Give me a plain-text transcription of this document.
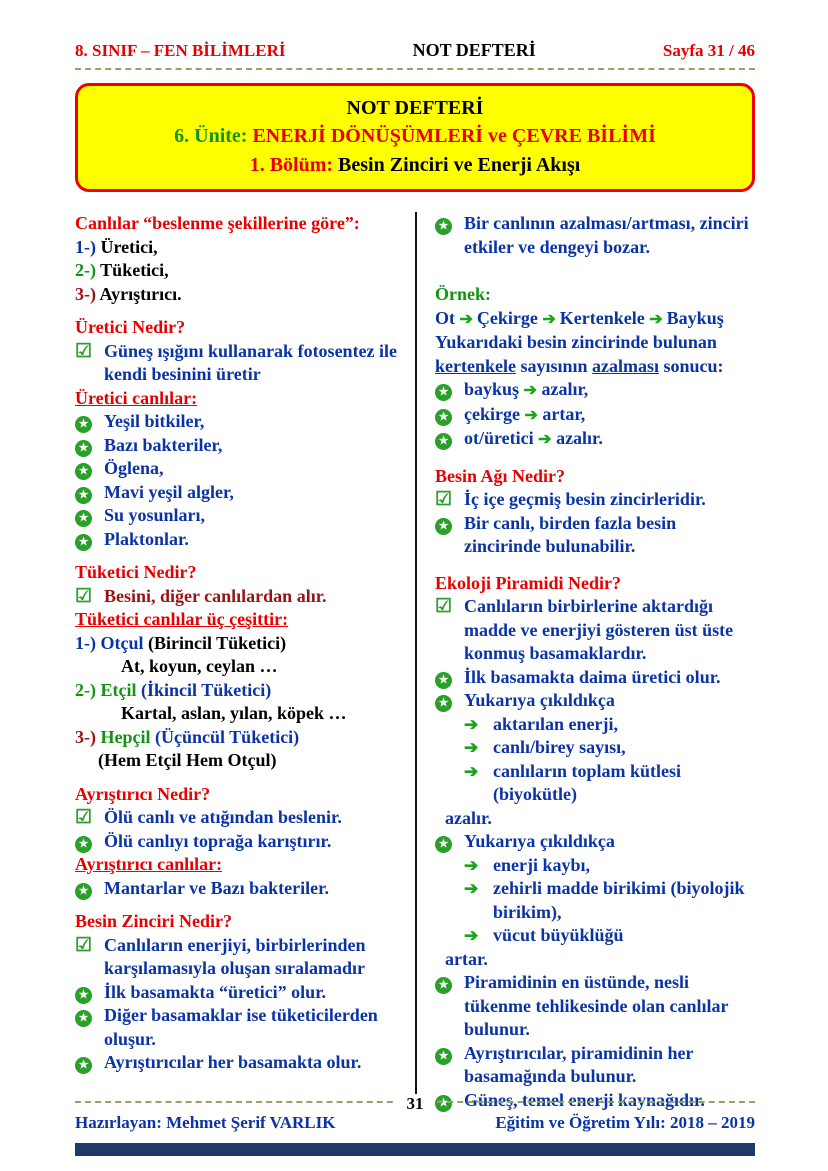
8. SINIF – FEN BİLİMLERİ	NOT DEFTERİ	Sayfa 31 / 46
NOT DEFTERİ
6. Ünite: ENERJİ DÖNÜŞÜMLERİ ve ÇEVRE BİLİMİ
1. Bölüm: Besin Zinciri ve Enerji Akışı
Canlılar “beslenme şekillerine göre”:
1-) Üretici,
2-) Tüketici,
3-) Ayrıştırıcı.
Üretici Nedir?
☑ Güneş ışığını kullanarak fotosentez ile kendi besinini üretir
Üretici canlılar:
★ Yeşil bitkiler,
★ Bazı bakteriler,
★ Öglena,
★ Mavi yeşil algler,
★ Su yosunları,
★ Plaktonlar.
Tüketici Nedir?
☑ Besini, diğer canlılardan alır.
Tüketici canlılar üç çeşittir:
1-) Otçul (Birincil Tüketici)
At, koyun, ceylan …
2-) Etçil (İkincil Tüketici)
Kartal, aslan, yılan, köpek …
3-) Hepçil (Üçüncül Tüketici)
(Hem Etçil Hem Otçul)
Ayrıştırıcı Nedir?
☑ Ölü canlı ve atığından beslenir.
★ Ölü canlıyı toprağa karıştırır.
Ayrıştırıcı canlılar:
★ Mantarlar ve Bazı bakteriler.
Besin Zinciri Nedir?
☑ Canlıların enerjiyi, birbirlerinden karşılamasıyla oluşan sıralamadır
★ İlk basamakta “üretici” olur.
★ Diğer basamaklar ise tüketicilerden oluşur.
★ Ayrıştırıcılar her basamakta olur.
★ Bir canlının azalması/artması, zinciri etkiler ve dengeyi bozar.
Örnek:
Ot ➔ Çekirge ➔ Kertenkele ➔ Baykuş
Yukarıdaki besin zincirinde bulunan kertenkele sayısının azalması sonucu:
★ baykuş ➔ azalır,
★ çekirge ➔ artar,
★ ot/üretici ➔ azalır.
Besin Ağı Nedir?
☑ İç içe geçmiş besin zincirleridir.
★ Bir canlı, birden fazla besin zincirinde bulunabilir.
Ekoloji Piramidi Nedir?
☑ Canlıların birbirlerine aktardığı madde ve enerjiyi gösteren üst üste konmuş basamaklardır.
★ İlk basamakta daima üretici olur.
★ Yukarıya çıkıldıkça
➔ aktarılan enerji,
➔ canlı/birey sayısı,
➔ canlıların toplam kütlesi (biyokütle)
azalır.
★ Yukarıya çıkıldıkça
➔ enerji kaybı,
➔ zehirli madde birikimi (biyolojik birikim),
➔ vücut büyüklüğü
artar.
★ Piramidinin en üstünde, nesli tükenme tehlikesinde olan canlılar bulunur.
★ Ayrıştırıcılar, piramidinin her basamağında bulunur.
★ Güneş, temel enerji kaynağıdır.
31
Hazırlayan: Mehmet Şerif VARLIK	Eğitim ve Öğretim Yılı: 2018 – 2019
